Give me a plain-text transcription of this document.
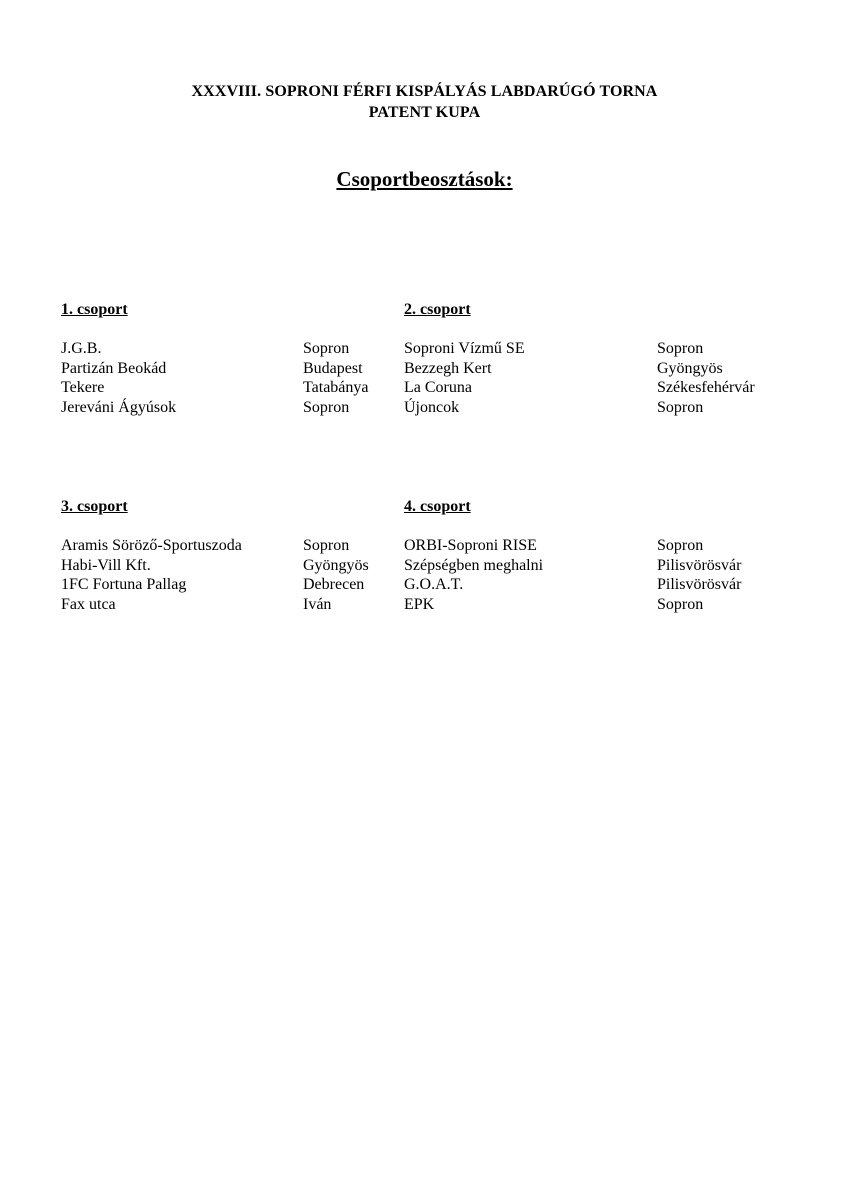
XXXVIII. SOPRONI FÉRFI KISPÁLYÁS LABDARÚGÓ TORNA
PATENT KUPA
Csoportbeosztások:
1. csoport
J.G.B.	Sopron
Partizán Beokád	Budapest
Tekere	Tatabánya
Jereváni Ágyúsok	Sopron
2. csoport
Soproni Vízmű SE	Sopron
Bezzegh Kert	Gyöngyös
La Coruna	Székesfehérvár
Újoncok	Sopron
3. csoport
Aramis Söröző-Sportuszoda	Sopron
Habi-Vill Kft.	Gyöngyös
1FC Fortuna Pallag	Debrecen
Fax utca	Iván
4. csoport
ORBI-Soproni RISE	Sopron
Szépségben meghalni	Pilisvörösvár
G.O.A.T.	Pilisvörösvár
EPK	Sopron
